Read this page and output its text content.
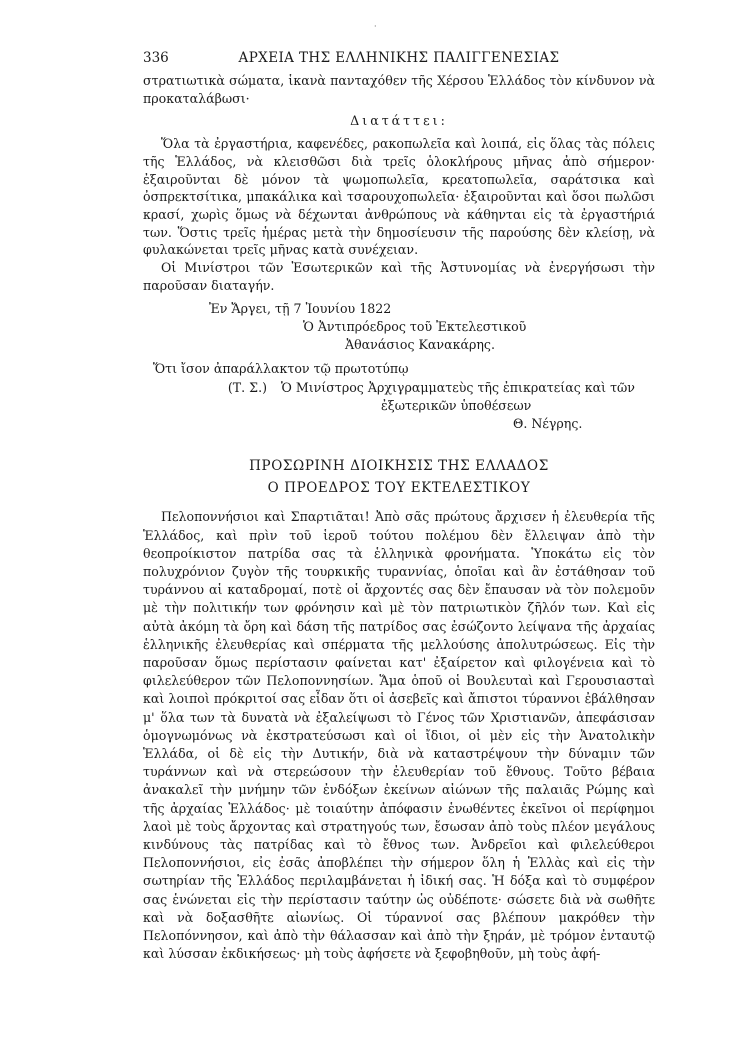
·
336	ΑΡΧΕΙΑ ΤΗΣ ΕΛΛΗΝΙΚΗΣ ΠΑΛΙΓΓΕΝΕΣΙΑΣ

στρατιωτικὰ σώματα, ἱκανὰ πανταχόθεν τῆς Χέρσου Ἑλλάδος τὸν κίνδυνον νὰ προκαταλάβωσι·

Διατάττει:

Ὅλα τὰ ἐργαστήρια, καφενέδες, ρακοπωλεῖα καὶ λοιπά, εἰς ὅλας τὰς πόλεις τῆς Ἑλλάδος, νὰ κλεισθῶσι διὰ τρεῖς ὁλοκλήρους μῆνας ἀπὸ σήμερον· ἐξαιροῦνται δὲ μόνον τὰ ψωμοπωλεῖα, κρεατοπωλεῖα, σαράτσικα καὶ ὀσπρεκτσίτικα, μπακάλικα καὶ τσαρουχοπωλεῖα· ἐξαιροῦνται καὶ ὅσοι πωλῶσι κρασί, χωρὶς ὅμως νὰ δέχωνται ἀνθρώπους νὰ κάθηνται εἰς τὰ ἐργαστήριά των. Ὅστις τρεῖς ἡμέρας μετὰ τὴν δημοσίευσιν τῆς παρούσης δὲν κλείσῃ, νὰ φυλακώνεται τρεῖς μῆνας κατὰ συνέχειαν.

Οἱ Μινίστροι τῶν Ἐσωτερικῶν καὶ τῆς Ἀστυνομίας νὰ ἐνεργήσωσι τὴν παροῦσαν διαταγήν.

Ἐν Ἄργει, τῇ 7 Ἰουνίου 1822

Ὁ Ἀντιπρόεδρος τοῦ Ἐκτελεστικοῦ

Ἀθανάσιος Κανακάρης.

Ὅτι ἴσον ἀπαράλλακτον τῷ πρωτοτύπῳ

(Τ. Σ.)	Ὁ Μινίστρος Ἀρχιγραμματεὺς τῆς ἐπικρατείας καὶ τῶν

ἐξωτερικῶν ὑποθέσεων

Θ. Νέγρης.

ΠΡΟΣΩΡΙΝΗ ΔΙΟΙΚΗΣΙΣ ΤΗΣ ΕΛΛΑΔΟΣ
Ο ΠΡΟΕΔΡΟΣ ΤΟΥ ΕΚΤΕΛΕΣΤΙΚΟΥ

Πελοποννήσιοι καὶ Σπαρτιᾶται! Ἀπὸ σᾶς πρώτους ἄρχισεν ἡ ἐλευθερία τῆς Ἑλλάδος, καὶ πρὶν τοῦ ἱεροῦ τούτου πολέμου δὲν ἔλλειψαν ἀπὸ τὴν θεοπροίκιστον πατρίδα σας τὰ ἑλληνικὰ φρονήματα. Ὑποκάτω εἰς τὸν πολυχρόνιον ζυγὸν τῆς τουρκικῆς τυραννίας, ὁποῖαι καὶ ἂν ἐστάθησαν τοῦ τυράννου αἱ καταδρομαί, ποτὲ οἱ ἄρχοντές σας δὲν ἔπαυσαν νὰ τὸν πολεμοῦν μὲ τὴν πολιτικήν των φρόνησιν καὶ μὲ τὸν πατριωτικὸν ζῆλόν των. Καὶ εἰς αὐτὰ ἀκόμη τὰ ὄρη καὶ δάση τῆς πατρίδος σας ἐσώζοντο λείψανα τῆς ἀρχαίας ἑλληνικῆς ἐλευθερίας καὶ σπέρματα τῆς μελλούσης ἀπολυτρώσεως. Εἰς τὴν παροῦσαν ὅμως περίστασιν φαίνεται κατ' ἐξαίρετον καὶ φιλογένεια καὶ τὸ φιλελεύθερον τῶν Πελοποννησίων. Ἅμα ὁποῦ οἱ Βουλευταὶ καὶ Γερουσιασταὶ καὶ λοιποὶ πρόκριτοί σας εἶδαν ὅτι οἱ ἀσεβεῖς καὶ ἄπιστοι τύραννοι ἐβάλθησαν μ' ὅλα των τὰ δυνατὰ νὰ ἐξαλείψωσι τὸ Γένος τῶν Χριστιανῶν, ἀπεφάσισαν ὁμογνωμόνως νὰ ἐκστρατεύσωσι καὶ οἱ ἴδιοι, οἱ μὲν εἰς τὴν Ἀνατολικὴν Ἑλλάδα, οἱ δὲ εἰς τὴν Δυτικήν, διὰ νὰ καταστρέψουν τὴν δύναμιν τῶν τυράννων καὶ νὰ στερεώσουν τὴν ἐλευθερίαν τοῦ ἔθνους. Τοῦτο βέβαια ἀνακαλεῖ τὴν μνήμην τῶν ἐνδόξων ἐκείνων αἰώνων τῆς παλαιᾶς Ρώμης καὶ τῆς ἀρχαίας Ἑλλάδος· μὲ τοιαύτην ἀπόφασιν ἑνωθέντες ἐκεῖνοι οἱ περίφημοι λαοὶ μὲ τοὺς ἄρχοντας καὶ στρατηγούς των, ἔσωσαν ἀπὸ τοὺς πλέον μεγάλους κινδύνους τὰς πατρίδας καὶ τὸ ἔθνος των. Ἀνδρεῖοι καὶ φιλελεύθεροι Πελοποννήσιοι, εἰς ἐσᾶς ἀποβλέπει τὴν σήμερον ὅλη ἡ Ἑλλὰς καὶ εἰς τὴν σωτηρίαν τῆς Ἑλλάδος περιλαμβάνεται ἡ ἰδική σας. Ἡ δόξα καὶ τὸ συμφέρον σας ἑνώνεται εἰς τὴν περίστασιν ταύτην ὡς οὐδέποτε· σώσετε διὰ νὰ σωθῆτε καὶ νὰ δοξασθῆτε αἰωνίως. Οἱ τύραννοί σας βλέπουν μακρόθεν τὴν Πελοπόννησον, καὶ ἀπὸ τὴν θάλασσαν καὶ ἀπὸ τὴν ξηράν, μὲ τρόμον ἐνταυτῷ καὶ λύσσαν ἐκδικήσεως· μὴ τοὺς ἀφήσετε νὰ ξεφοβηθοῦν, μὴ τοὺς ἀφή-
